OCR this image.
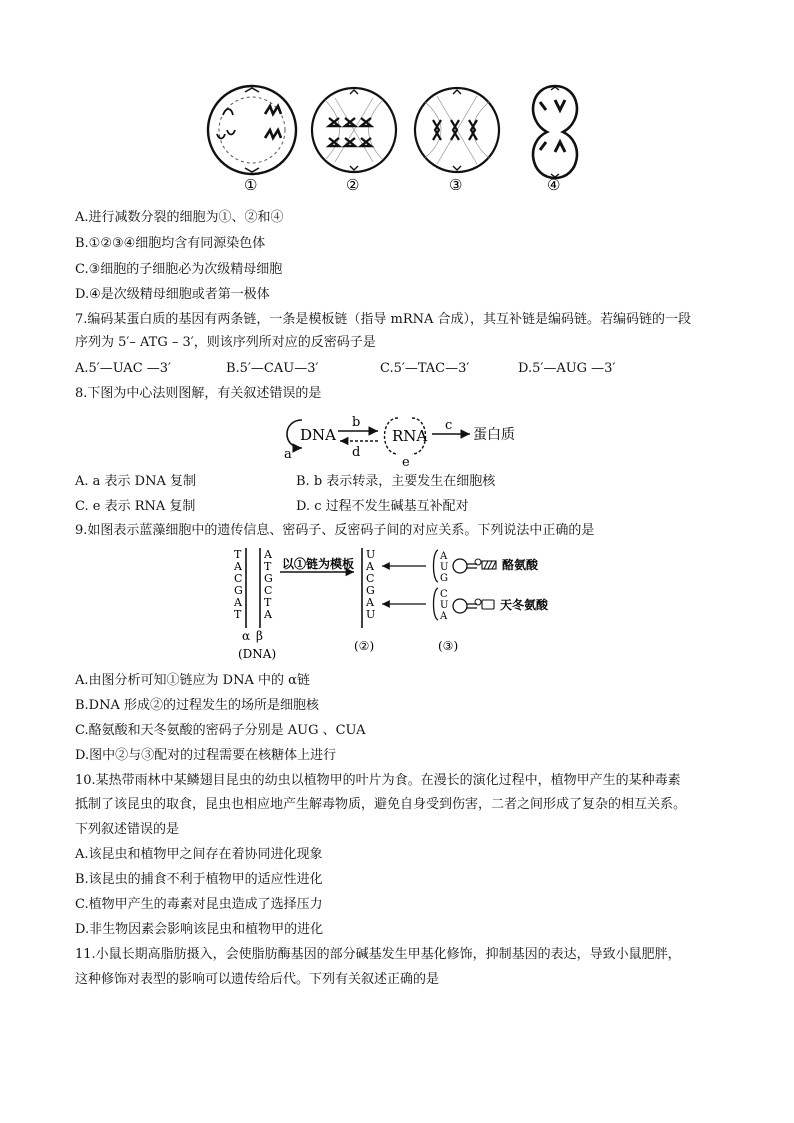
①	②	③	④
A.进行减数分裂的细胞为①、②和④
B.①②③④细胞均含有同源染色体
C.③细胞的子细胞必为次级精母细胞
D.④是次级精母细胞或者第一极体
7.编码某蛋白质的基因有两条链，一条是模板链（指导 mRNA 合成），其互补链是编码链。若编码链的一段
序列为 5′– ATG – 3′，则该序列所对应的反密码子是
A.5′—UAC —3′	B.5′—CAU—3′	C.5′—TAC—3′	D.5′—AUG —3′
8.下图为中心法则图解，有关叙述错误的是
a
DNA
b
d
RNA
e
c
蛋白质
A. a 表示 DNA 复制	B. b 表示转录，主要发生在细胞核
C. e 表示 RNA 复制	D. c 过程不发生碱基互补配对
9.如图表示蓝藻细胞中的遗传信息、密码子、反密码子间的对应关系。下列说法中正确的是
T
A
C
G
A
T
A
T
G
C
T
A
α β
(DNA)
以①链为模板
U
A
C
G
A
U
(②)
A
U
G
酪氨酸
C
U
A
天冬氨酸
(③)
A.由图分析可知①链应为 DNA 中的 α链
B.DNA 形成②的过程发生的场所是细胞核
C.酪氨酸和天冬氨酸的密码子分别是 AUG 、CUA
D.图中②与③配对的过程需要在核糖体上进行
10.某热带雨林中某鳞翅目昆虫的幼虫以植物甲的叶片为食。在漫长的演化过程中，植物甲产生的某种毒素
抵制了该昆虫的取食，昆虫也相应地产生解毒物质，避免自身受到伤害，二者之间形成了复杂的相互关系。
下列叙述错误的是
A.该昆虫和植物甲之间存在着协同进化现象
B.该昆虫的捕食不利于植物甲的适应性进化
C.植物甲产生的毒素对昆虫造成了选择压力
D.非生物因素会影响该昆虫和植物甲的进化
11.小鼠长期高脂肪摄入，会使脂肪酶基因的部分碱基发生甲基化修饰，抑制基因的表达，导致小鼠肥胖，
这种修饰对表型的影响可以遗传给后代。下列有关叙述正确的是
